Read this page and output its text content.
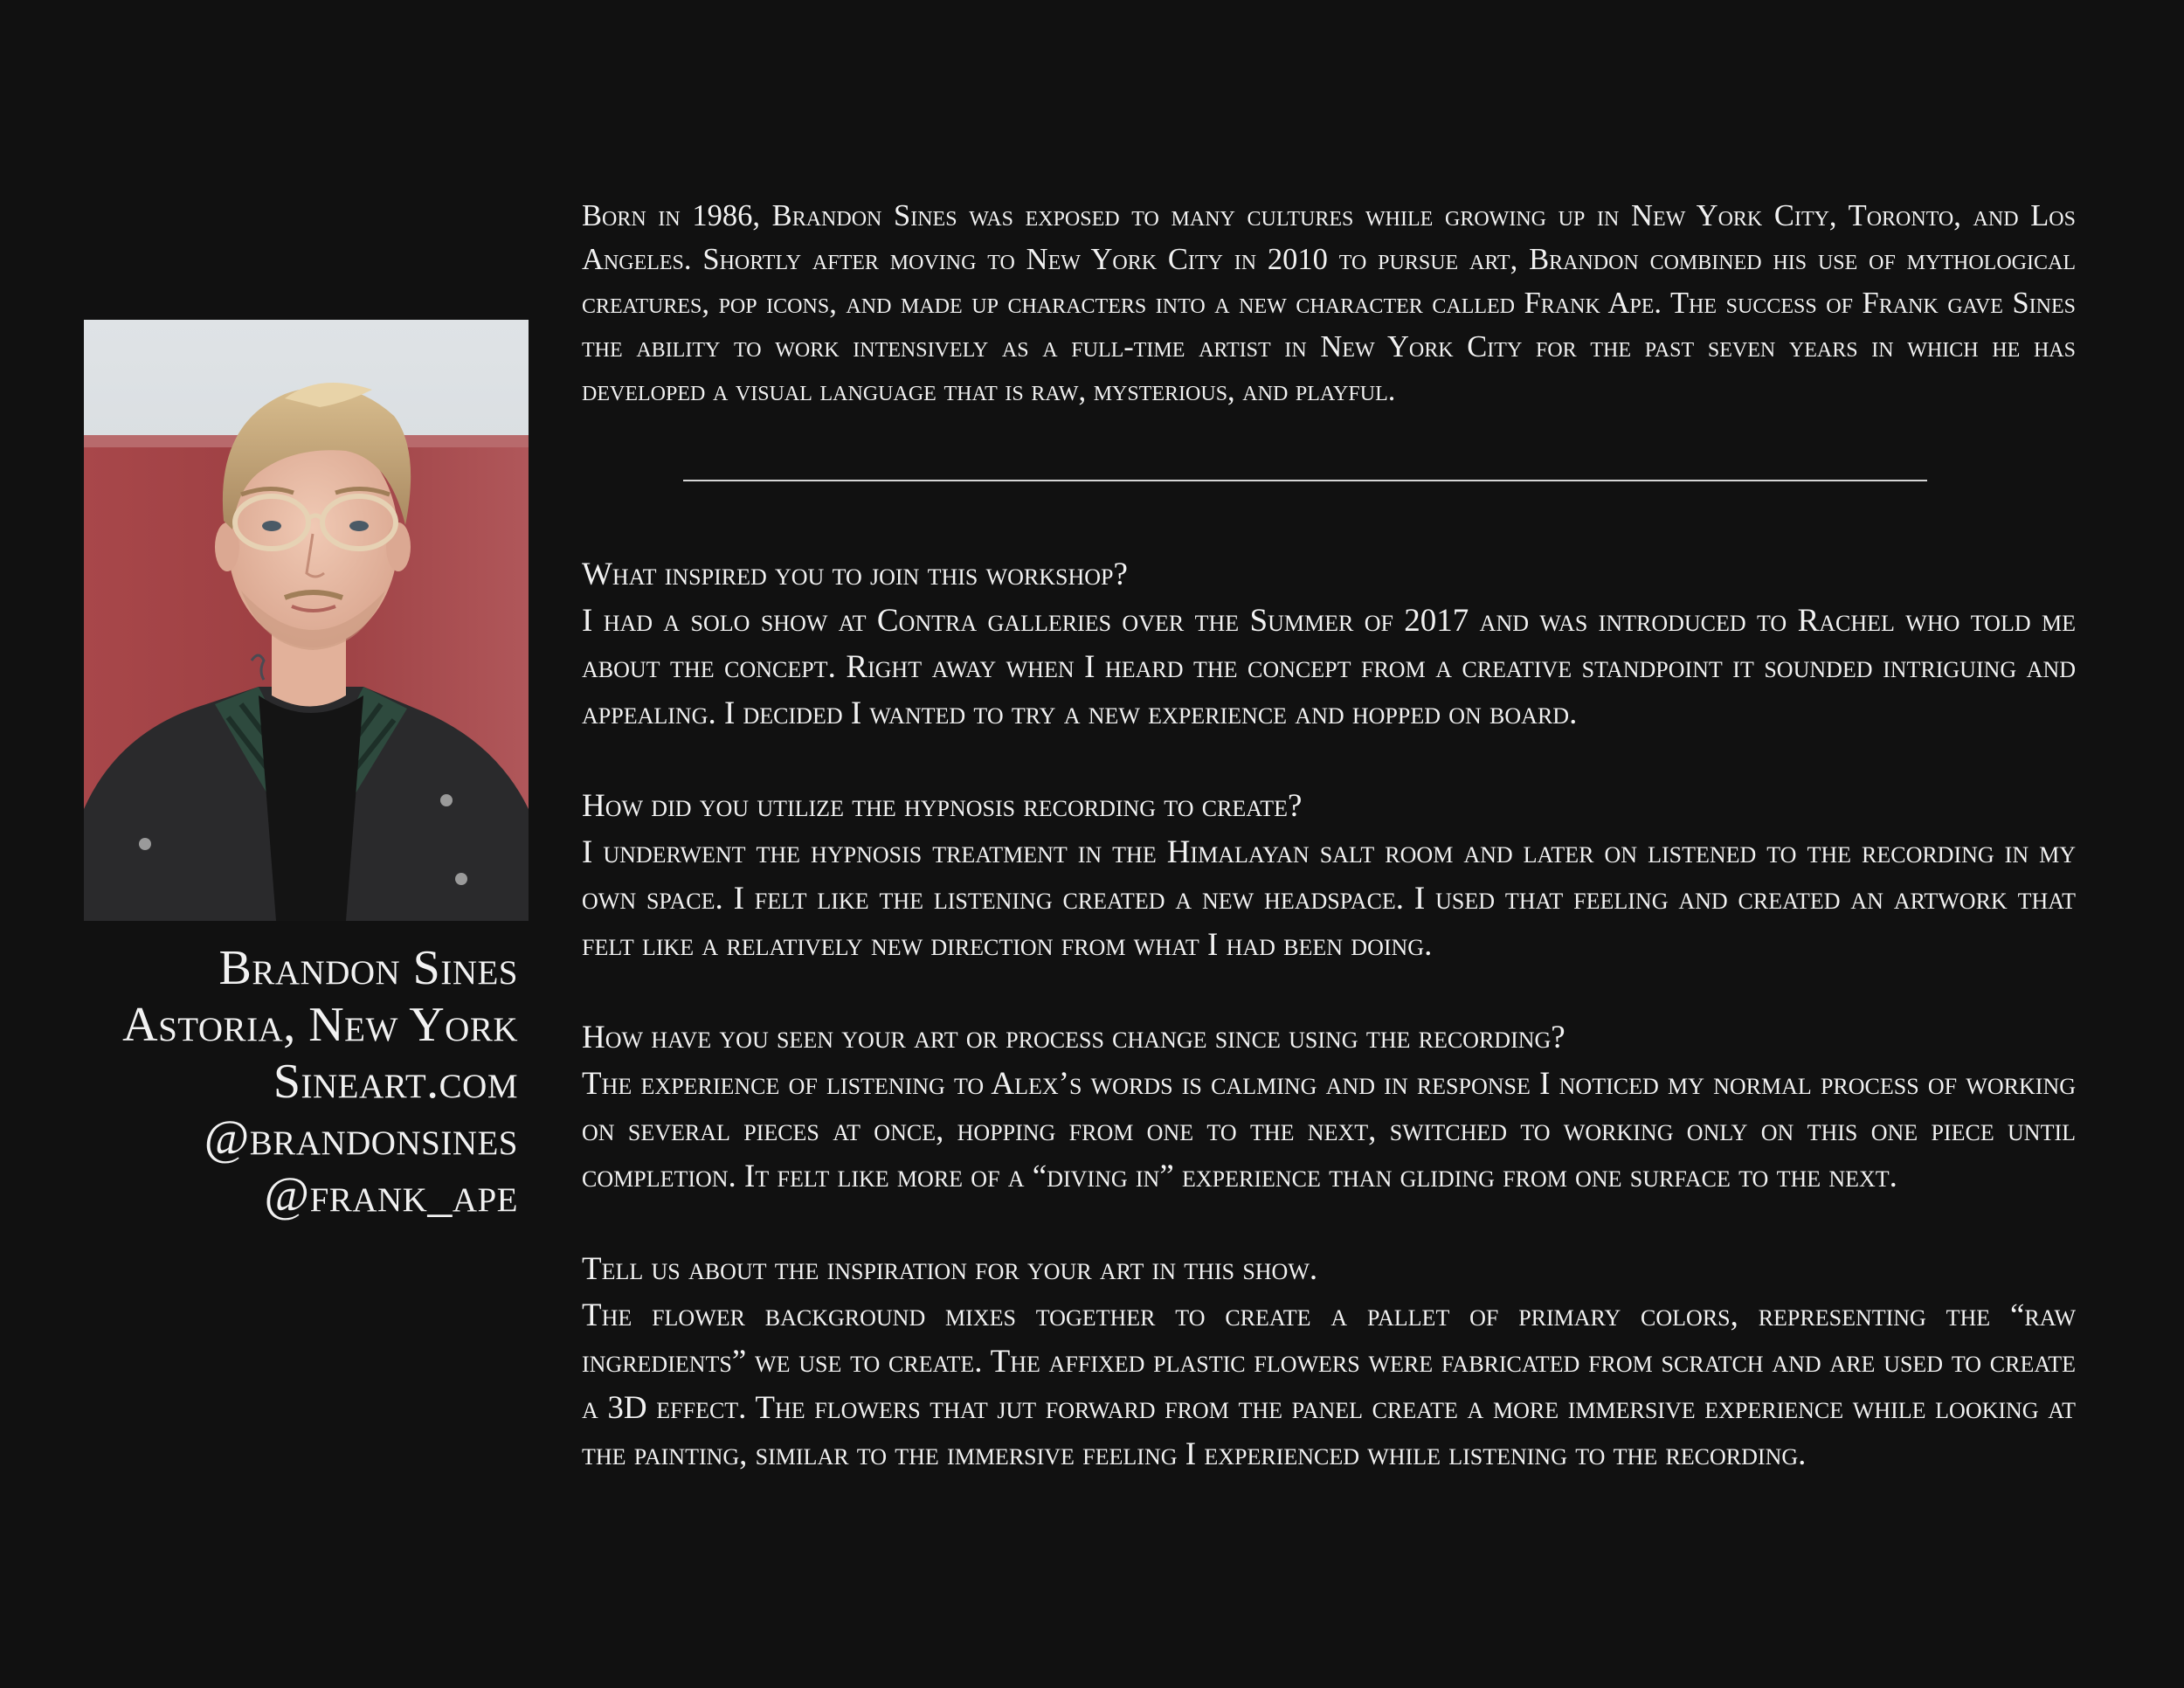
Brandon Sines
Astoria, New York
Sineart.com
@brandonsines
@frank_ape

Born in 1986, Brandon Sines was exposed to many cultures while growing up in New York City, Toronto, and Los Angeles. Shortly after moving to New York City in 2010 to pursue art, Brandon combined his use of mythological creatures, pop icons, and made up characters into a new character called Frank Ape. The success of Frank gave Sines the ability to work intensively as a full-time artist in New York City for the past seven years in which he has developed a visual language that is raw, mysterious, and playful.

What inspired you to join this workshop?

I had a solo show at Contra galleries over the Summer of 2017 and was introduced to Rachel who told me about the concept. Right away when I heard the concept from a creative standpoint it sounded intriguing and appealing. I decided I wanted to try a new experience and hopped on board.

How did you utilize the hypnosis recording to create?

I underwent the hypnosis treatment in the Himalayan salt room and later on listened to the recording in my own space. I felt like the listening created a new headspace. I used that feeling and created an artwork that felt like a relatively new direction from what I had been doing.

How have you seen your art or process change since using the recording?

The experience of listening to Alex’s words is calming and in response I noticed my normal process of working on several pieces at once, hopping from one to the next, switched to working only on this one piece until completion. It felt like more of a “diving in” experience than gliding from one surface to the next.

Tell us about the inspiration for your art in this show.

The flower background mixes together to create a pallet of primary colors, representing the “raw ingredients” we use to create. The affixed plastic flowers were fabricated from scratch and are used to create a 3D effect. The flowers that jut forward from the panel create a more immersive experience while looking at the painting, similar to the immersive feeling I experienced while listening to the recording.
